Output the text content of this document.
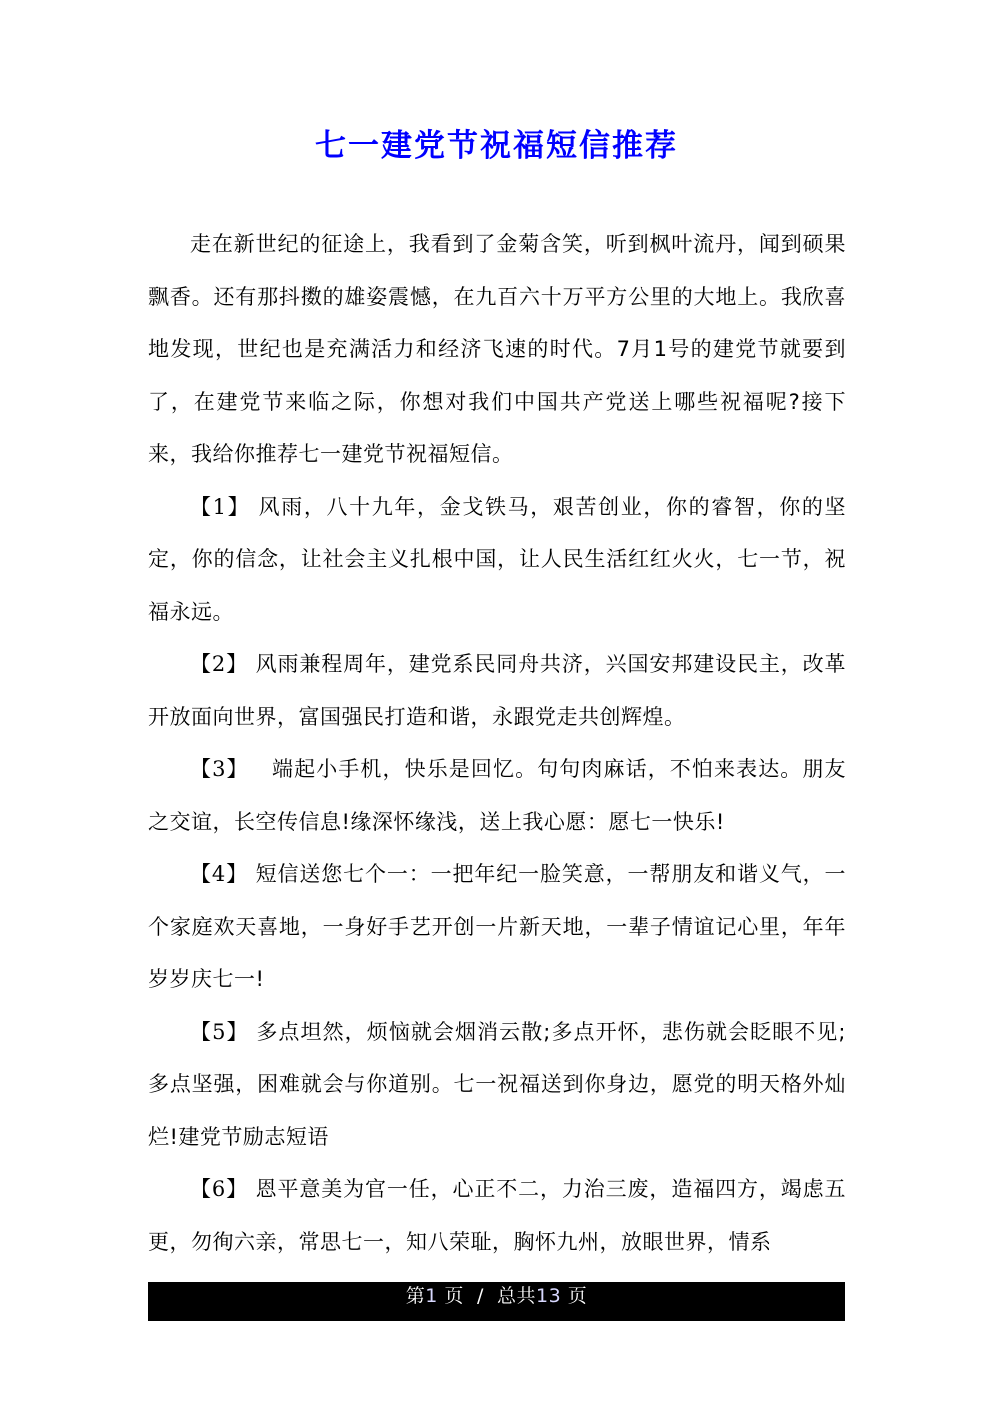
七一建党节祝福短信推荐

走在新世纪的征途上，我看到了金菊含笑，听到枫叶流丹，闻到硕果飘香。还有那抖擞的雄姿震憾，在九百六十万平方公里的大地上。我欣喜地发现，世纪也是充满活力和经济飞速的时代。7月1号的建党节就要到了，在建党节来临之际，你想对我们中国共产党送上哪些祝福呢?接下来，我给你推荐七一建党节祝福短信。

【1】 风雨，八十九年，金戈铁马，艰苦创业，你的睿智，你的坚定，你的信念，让社会主义扎根中国，让人民生活红红火火，七一节，祝福永远。

【2】 风雨兼程周年，建党系民同舟共济，兴国安邦建设民主，改革开放面向世界，富国强民打造和谐，永跟党走共创辉煌。

【3】   端起小手机，快乐是回忆。句句肉麻话，不怕来表达。朋友之交谊，长空传信息!缘深怀缘浅，送上我心愿：愿七一快乐!

【4】 短信送您七个一：一把年纪一脸笑意，一帮朋友和谐义气，一个家庭欢天喜地，一身好手艺开创一片新天地，一辈子情谊记心里，年年岁岁庆七一!

【5】 多点坦然，烦恼就会烟消云散;多点开怀，悲伤就会眨眼不见;多点坚强，困难就会与你道别。七一祝福送到你身边，愿党的明天格外灿烂!建党节励志短语

【6】 恩平意美为官一任，心正不二，力治三废，造福四方，竭虑五更，勿徇六亲，常思七一，知八荣耻，胸怀九州，放眼世界，情系

第1 页 / 总共13 页
